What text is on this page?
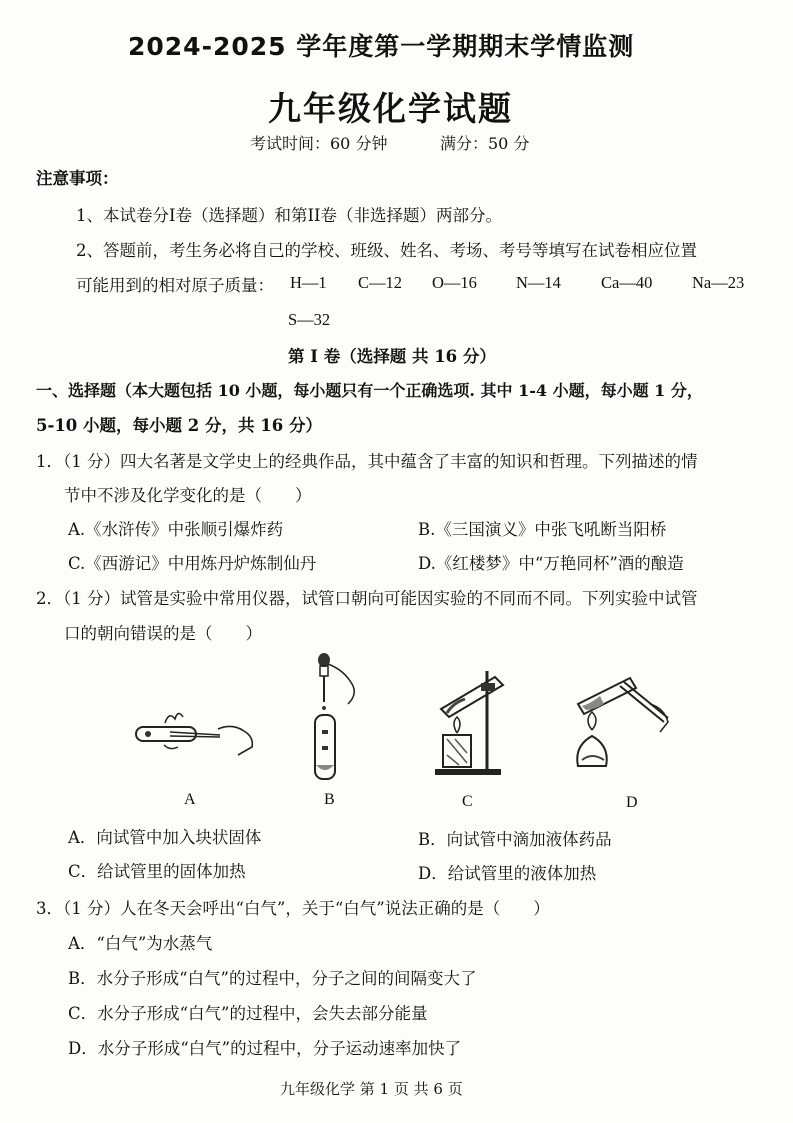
2024-2025 学年度第一学期期末学情监测
九年级化学试题
考试时间：60 分钟	满分：50 分
注意事项：
1、本试卷分I卷（选择题）和第II卷（非选择题）两部分。
2、答题前，考生务必将自己的学校、班级、姓名、考场、考号等填写在试卷相应位置
可能用到的相对原子质量： H—1 C—12 O—16 N—14 Ca—40 Na—23
S—32
第 I 卷（选择题 共 16 分）
一、选择题（本大题包括 10 小题，每小题只有一个正确选项. 其中 1-4 小题，每小题 1 分，
5-10 小题，每小题 2 分，共 16 分）
1．（1 分）四大名著是文学史上的经典作品，其中蕴含了丰富的知识和哲理。下列描述的情
节中不涉及化学变化的是（　　）
A.《水浒传》中张顺引爆炸药	B.《三国演义》中张飞吼断当阳桥
C.《西游记》中用炼丹炉炼制仙丹	D.《红楼梦》中“万艳同杯”酒的酿造
2．（1 分）试管是实验中常用仪器，试管口朝向可能因实验的不同而不同。下列实验中试管
口的朝向错误的是（　　）
A	B	C	D
A．向试管中加入块状固体	B．向试管中滴加液体药品
C．给试管里的固体加热	D．给试管里的液体加热
3．（1 分）人在冬天会呼出“白气”，关于“白气”说法正确的是（　　）
A．“白气”为水蒸气
B．水分子形成“白气”的过程中，分子之间的间隔变大了
C．水分子形成“白气”的过程中，会失去部分能量
D．水分子形成“白气”的过程中，分子运动速率加快了
九年级化学 第 1 页 共 6 页
